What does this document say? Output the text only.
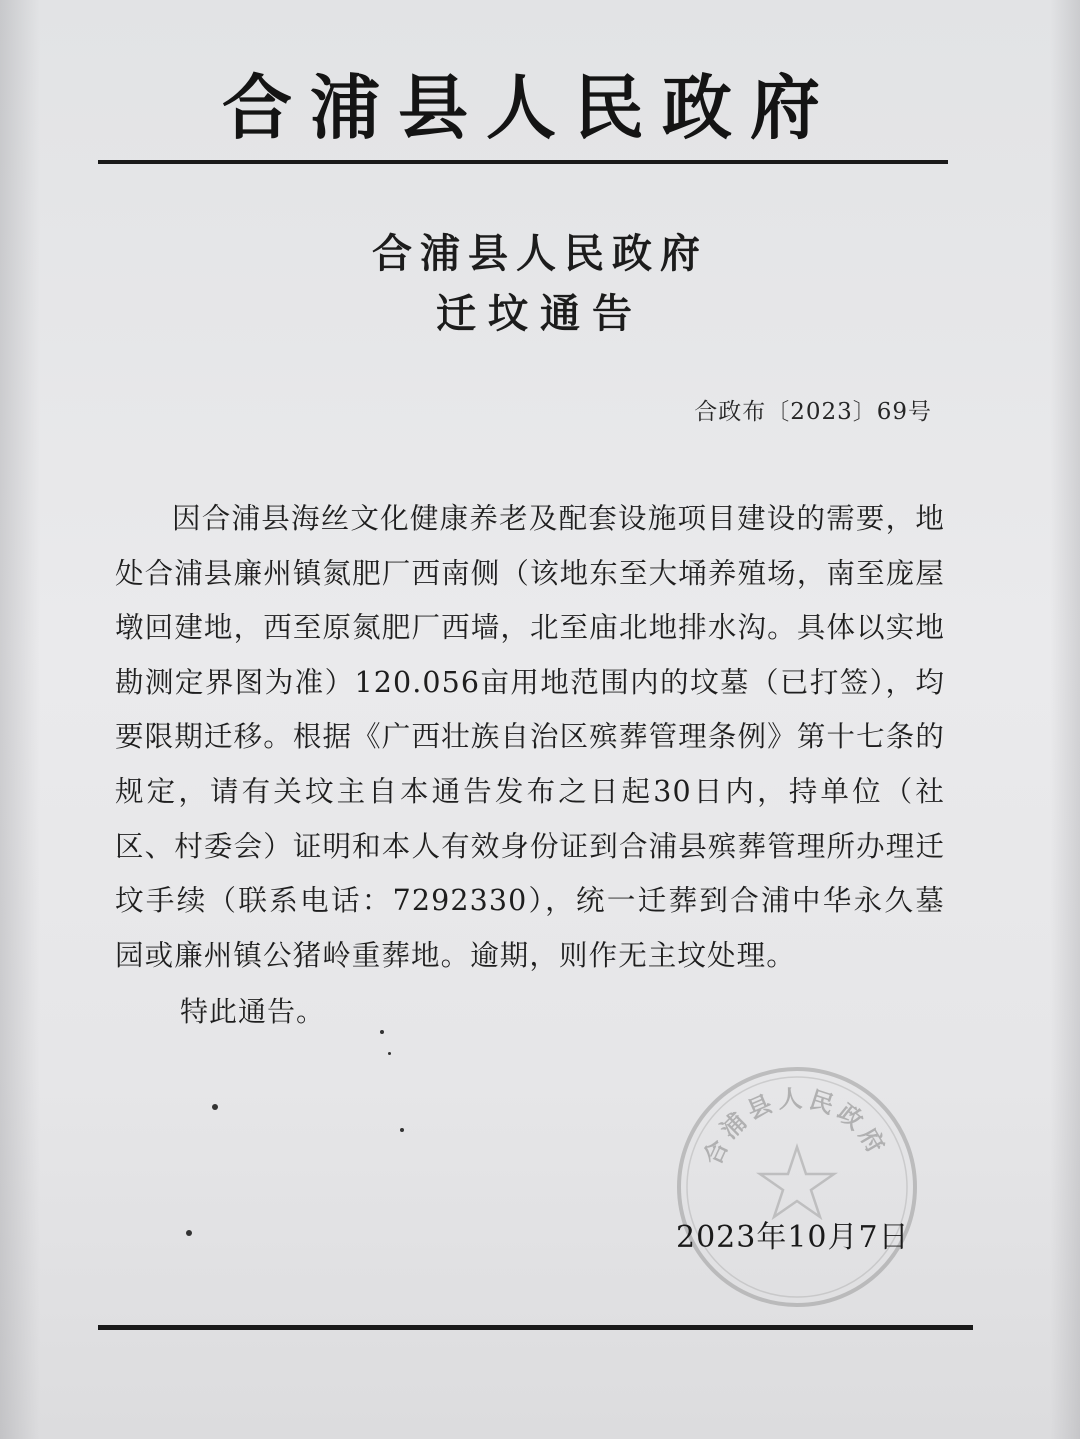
合浦县人民政府
合浦县人民政府
迁坟通告
合政布〔2023〕69号

因合浦县海丝文化健康养老及配套设施项目建设的需要，地处合浦县廉州镇氮肥厂西南侧（该地东至大埇养殖场，南至庞屋墩回建地，西至原氮肥厂西墙，北至庙北地排水沟。具体以实地勘测定界图为准）120.056亩用地范围内的坟墓（已打签），均要限期迁移。根据《广西壮族自治区殡葬管理条例》第十七条的规定，请有关坟主自本通告发布之日起30日内，持单位（社区、村委会）证明和本人有效身份证到合浦县殡葬管理所办理迁坟手续（联系电话：7292330），统一迁葬到合浦中华永久墓园或廉州镇公猪岭重葬地。逾期，则作无主坟处理。

特此通告。
合浦县人民政府
2023年10月7日
